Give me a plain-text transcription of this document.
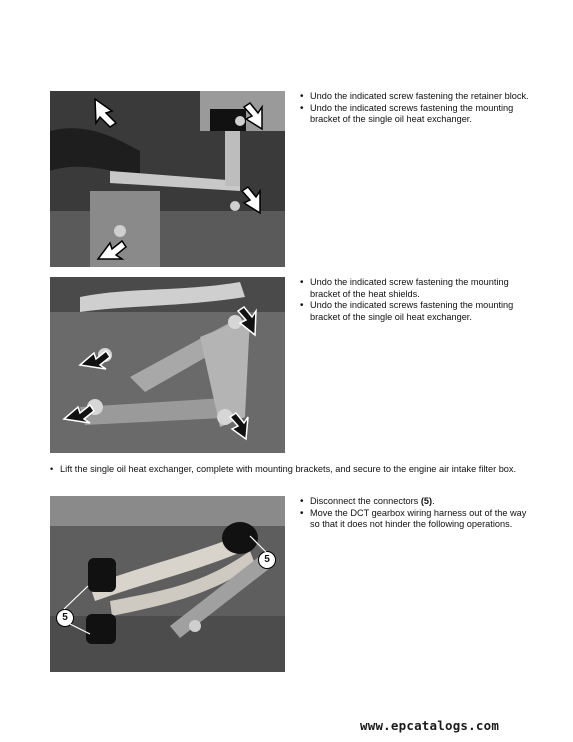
• Undo the indicated screw fastening the retainer block.
• Undo the indicated screws fastening the mounting bracket of the single oil heat exchanger.
• Undo the indicated screw fastening the mounting bracket of the heat shields.
• Undo the indicated screws fastening the mounting bracket of the single oil heat exchanger.
• Lift the single oil heat exchanger, complete with mounting brackets, and secure to the engine air intake filter box.
5
5
• Disconnect the connectors (5).
• Move the DCT gearbox wiring harness out of the way so that it does not hinder the following operations.
www.epcatalogs.com
